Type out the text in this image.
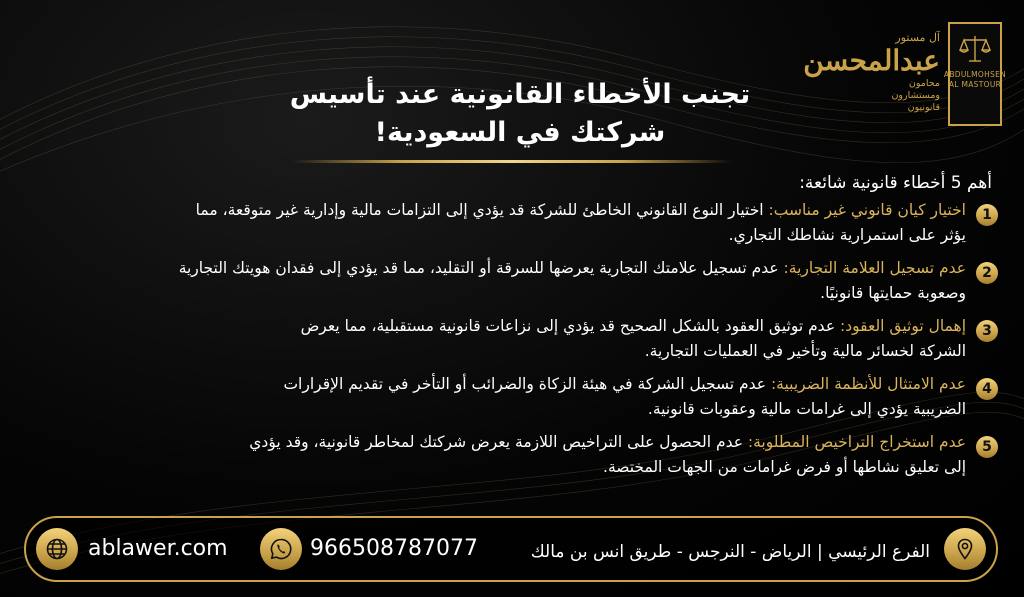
آل مستور
عبدالمحسن
محامون
ومستشارون
قانونيون
ABDULMOHSEN
AL MASTOUR
تجنب الأخطاء القانونية عند تأسيس
شركتك في السعودية!
أهم 5 أخطاء قانونية شائعة:
1
اختيار كيان قانوني غير مناسب: اختيار النوع القانوني الخاطئ للشركة قد يؤدي إلى التزامات مالية وإدارية غير متوقعة، مما
يؤثر على استمرارية نشاطك التجاري.
2
عدم تسجيل العلامة التجارية: عدم تسجيل علامتك التجارية يعرضها للسرقة أو التقليد، مما قد يؤدي إلى فقدان هويتك التجارية
وصعوبة حمايتها قانونيًا.
3
إهمال توثيق العقود: عدم توثيق العقود بالشكل الصحيح قد يؤدي إلى نزاعات قانونية مستقبلية، مما يعرض
الشركة لخسائر مالية وتأخير في العمليات التجارية.
4
عدم الامتثال للأنظمة الضريبية: عدم تسجيل الشركة في هيئة الزكاة والضرائب أو التأخر في تقديم الإقرارات
الضريبية يؤدي إلى غرامات مالية وعقوبات قانونية.
5
عدم استخراج التراخيص المطلوبة: عدم الحصول على التراخيص اللازمة يعرض شركتك لمخاطر قانونية، وقد يؤدي
إلى تعليق نشاطها أو فرض غرامات من الجهات المختصة.
ablawer.com	966508787077	الفرع الرئيسي | الرياض - النرجس - طريق انس بن مالك
